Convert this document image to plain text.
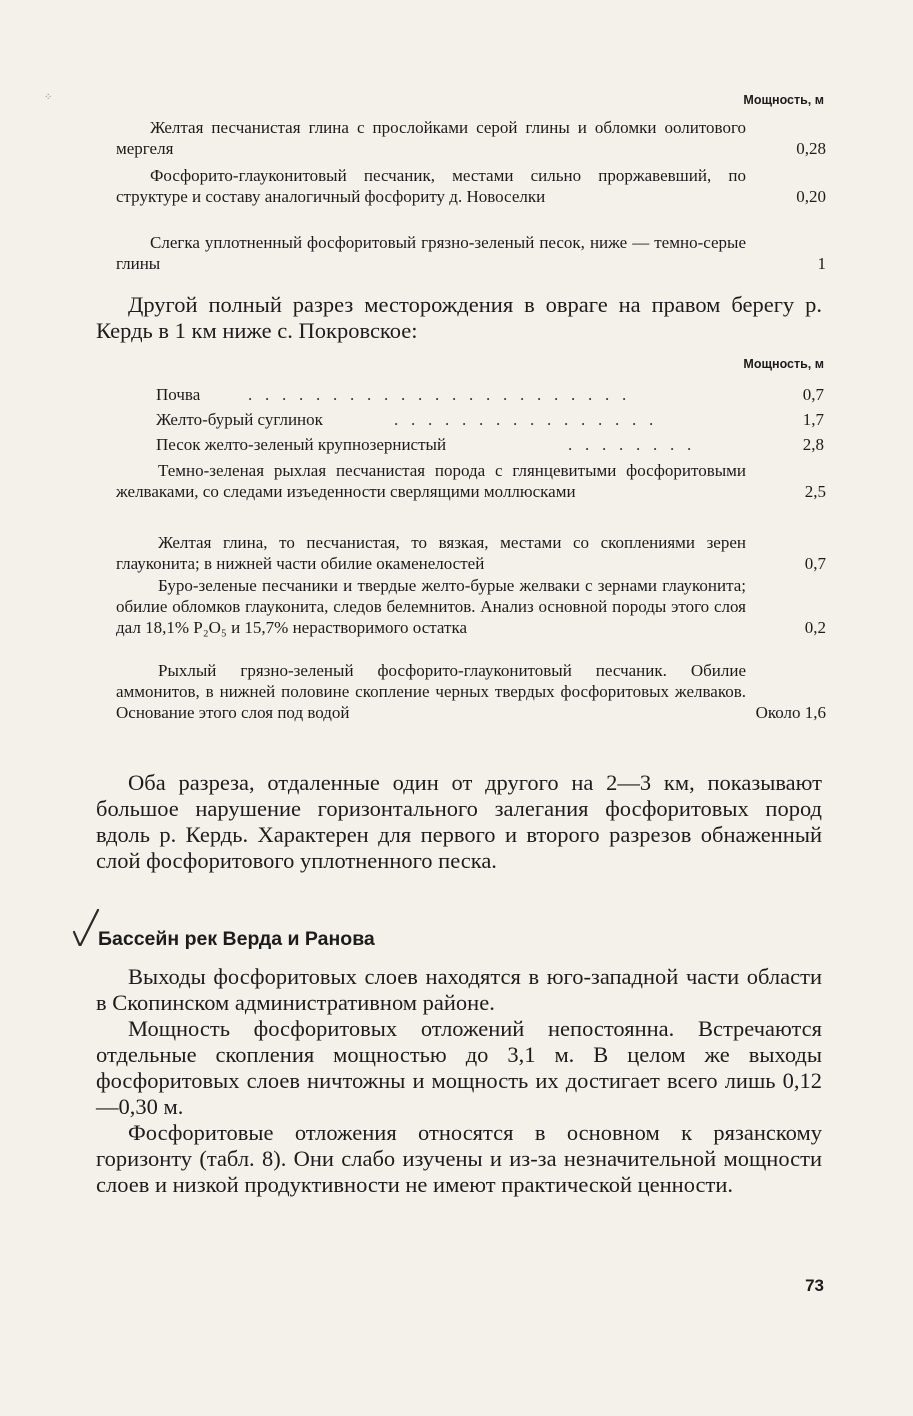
⁘	Мощность, м
Желтая песчанистая глина с прослойками серой глины и обломки оолитового мергеля	0,28
Фосфорито-глауконитовый песчаник, местами сильно проржавевший, по структуре и составу аналогичный фосфориту д. Новоселки	0,20
Слегка уплотненный фосфоритовый грязно-зеленый песок, ниже — темно-серые глины	1
Другой полный разрез месторождения в овраге на правом берегу р. Кердь в 1 км ниже с. Покровское:
Мощность, м
Почва	.   .   .   .   .   .   .   .   .   .   .   .   .   .   .   .   .   .   .   .   .   .   .	0,7
Желто-бурый суглинок	.   .   .   .   .   .   .   .   .   .   .   .   .   .   .   .	1,7
Песок желто-зеленый крупнозернистый	.   .   .   .   .   .   .   .	2,8
Темно-зеленая рыхлая песчанистая порода с глянцевитыми фосфоритовыми желваками, со следами изъеденности сверлящими моллюсками	2,5
Желтая глина, то песчанистая, то вязкая, местами со скоплениями зерен глауконита; в нижней части обилие окаменелостей	0,7
Буро-зеленые песчаники и твердые желто-бурые желваки с зернами глауконита; обилие обломков глауконита, следов белемнитов. Анализ основной породы этого слоя дал 18,1% P₂O₅ и 15,7% нерастворимого остатка	0,2
Рыхлый грязно-зеленый фосфорито-глауконитовый песчаник. Обилие аммонитов, в нижней половине скопление черных твердых фосфоритовых желваков. Основание этого слоя под водой	Около 1,6
Оба разреза, отдаленные один от другого на 2—3 км, показывают большое нарушение горизонтального залегания фосфоритовых пород вдоль р. Кердь. Характерен для первого и второго разрезов обнаженный слой фосфоритового уплотненного песка.
Бассейн рек Верда и Ранова
Выходы фосфоритовых слоев находятся в юго-западной части области в Скопинском административном районе.
Мощность фосфоритовых отложений непостоянна. Встречаются отдельные скопления мощностью до 3,1 м. В целом же выходы фосфоритовых слоев ничтожны и мощность их достигает всего лишь 0,12—0,30 м.
Фосфоритовые отложения относятся в основном к рязанскому горизонту (табл. 8). Они слабо изучены и из-за незначительной мощности слоев и низкой продуктивности не имеют практической ценности.
73
